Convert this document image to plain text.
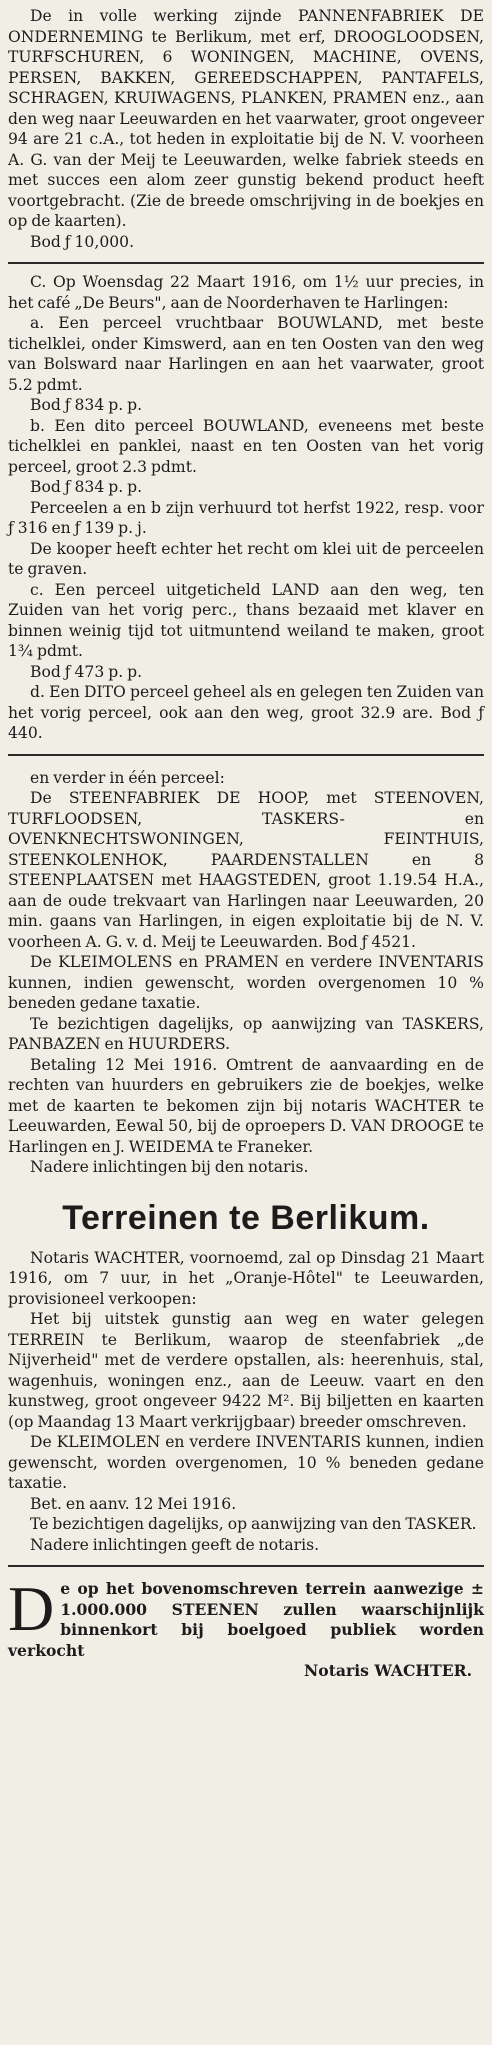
De in volle werking zijnde PANNENFABRIEK DE ONDERNEMING te Berlikum, met erf, DROOGLOODSEN, TURFSCHUREN, 6 WONINGEN, MACHINE, OVENS, PERSEN, BAKKEN, GEREEDSCHAPPEN, PANTAFELS, SCHRAGEN, KRUIWAGENS, PLANKEN, PRAMEN enz., aan den weg naar Leeuwarden en het vaarwater, groot ongeveer 94 are 21 c.A., tot heden in exploitatie bij de N. V. voorheen A. G. van der Meij te Leeuwarden, welke fabriek steeds en met succes een alom zeer gunstig bekend product heeft voortgebracht. (Zie de breede omschrijving in de boekjes en op de kaarten).

Bod ƒ 10,000.

C. Op Woensdag 22 Maart 1916, om 1½ uur precies, in het café „De Beurs", aan de Noorderhaven te Harlingen:

a. Een perceel vruchtbaar BOUWLAND, met beste tichelklei, onder Kimswerd, aan en ten Oosten van den weg van Bolsward naar Harlingen en aan het vaarwater, groot 5.2 pdmt.

Bod ƒ 834 p. p.

b. Een dito perceel BOUWLAND, eveneens met beste tichelklei en panklei, naast en ten Oosten van het vorig perceel, groot 2.3 pdmt.

Bod ƒ 834 p. p.

Perceelen a en b zijn verhuurd tot herfst 1922, resp. voor ƒ 316 en ƒ 139 p. j.

De kooper heeft echter het recht om klei uit de perceelen te graven.

c. Een perceel uitgeticheld LAND aan den weg, ten Zuiden van het vorig perc., thans bezaaid met klaver en binnen weinig tijd tot uitmuntend weiland te maken, groot 1¾ pdmt.

Bod ƒ 473 p. p.

d. Een DITO perceel geheel als en gelegen ten Zuiden van het vorig perceel, ook aan den weg, groot 32.9 are. Bod ƒ 440.

en verder in één perceel:

De STEENFABRIEK DE HOOP, met STEENOVEN, TURFLOODSEN, TASKERS- en OVENKNECHTSWONINGEN, FEINTHUIS, STEENKOLENHOK, PAARDENSTALLEN en 8 STEENPLAATSEN met HAAGSTEDEN, groot 1.19.54 H.A., aan de oude trekvaart van Harlingen naar Leeuwarden, 20 min. gaans van Harlingen, in eigen exploitatie bij de N. V. voorheen A. G. v. d. Meij te Leeuwarden. Bod ƒ 4521.

De KLEIMOLENS en PRAMEN en verdere INVENTARIS kunnen, indien gewenscht, worden overgenomen 10 % beneden gedane taxatie.

Te bezichtigen dagelijks, op aanwijzing van TASKERS, PANBAZEN en HUURDERS.

Betaling 12 Mei 1916. Omtrent de aanvaarding en de rechten van huurders en gebruikers zie de boekjes, welke met de kaarten te bekomen zijn bij notaris WACHTER te Leeuwarden, Eewal 50, bij de oproepers D. VAN DROOGE te Harlingen en J. WEIDEMA te Franeker.

Nadere inlichtingen bij den notaris.

Terreinen te Berlikum.

Notaris WACHTER, voornoemd, zal op Dinsdag 21 Maart 1916, om 7 uur, in het „Oranje-Hôtel" te Leeuwarden, provisioneel verkoopen:

Het bij uitstek gunstig aan weg en water gelegen TERREIN te Berlikum, waarop de steenfabriek „de Nijverheid" met de verdere opstallen, als: heerenhuis, stal, wagenhuis, woningen enz., aan de Leeuw. vaart en den kunstweg, groot ongeveer 9422 M². Bij biljetten en kaarten (op Maandag 13 Maart verkrijgbaar) breeder omschreven.

De KLEIMOLEN en verdere INVENTARIS kunnen, indien gewenscht, worden overgenomen, 10 % beneden gedane taxatie.

Bet. en aanv. 12 Mei 1916.

Te bezichtigen dagelijks, op aanwijzing van den TASKER.

Nadere inlichtingen geeft de notaris.

D e op het bovenomschreven terrein aanwezige ± 1.000.000 STEENEN zullen waarschijnlijk binnenkort bij boelgoed publiek worden verkocht
Notaris WACHTER.
